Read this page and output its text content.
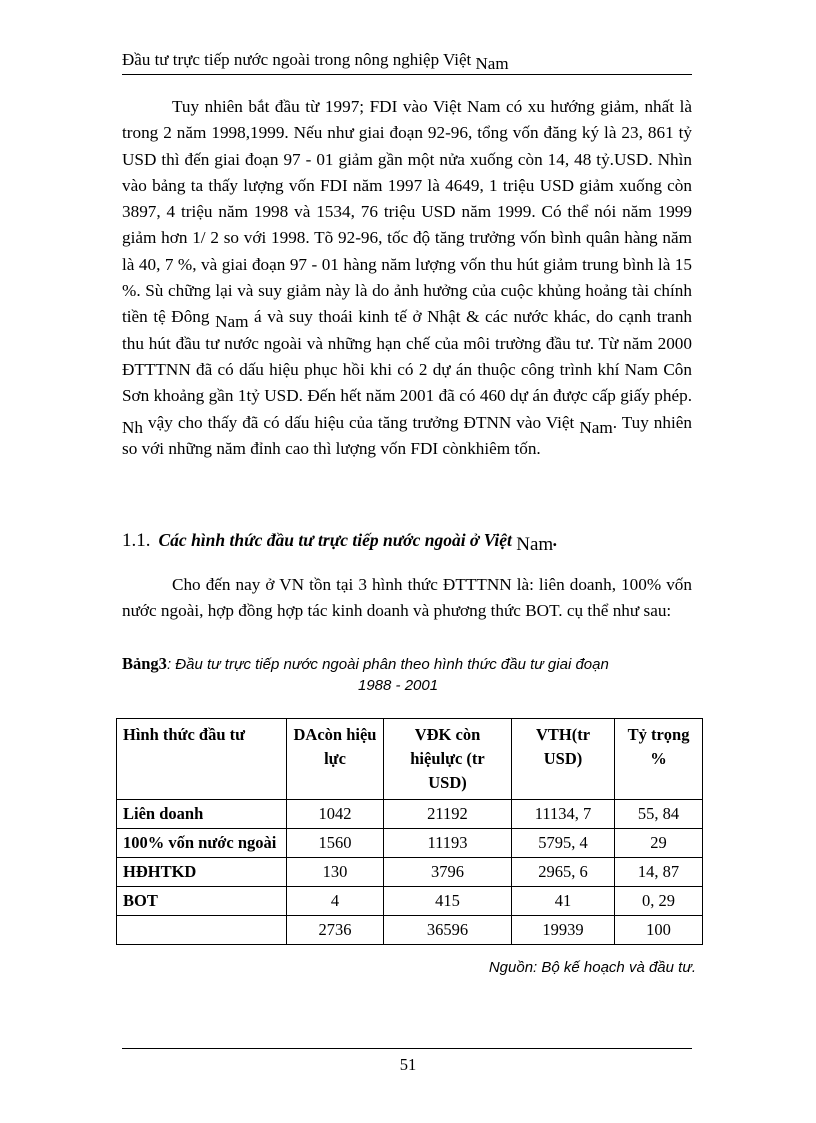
Đầu tư trực tiếp nước ngoài trong nông nghiệp Việt Nam
Tuy nhiên bắt đầu từ 1997; FDI vào Việt Nam có xu hướng giảm, nhất là trong 2 năm 1998,1999. Nếu như giai đoạn 92-96, tổng vốn đăng ký là 23, 861 tỷ USD thì đến giai đoạn 97 - 01 giảm gần một nửa xuống còn 14, 48 tỷ.USD. Nhìn vào bảng ta thấy lượng vốn FDI năm 1997 là 4649, 1 triệu USD giảm xuống còn 3897, 4 triệu năm 1998 và 1534, 76 triệu USD năm 1999. Có thể nói năm 1999 giảm hơn 1/ 2 so với 1998. Tõ 92-96, tốc độ tăng trưởng vốn bình quân hàng năm là 40, 7 %, và giai đoạn 97 - 01 hàng năm lượng vốn thu hút giảm trung bình là 15 %. Sù chững lại và suy giảm này là do ảnh hưởng của cuộc khủng hoảng tài chính tiền tệ Đông Nam á và suy thoái kinh tế ở Nhật & các nước khác, do cạnh tranh thu hút đầu tư nước ngoài và những hạn chế của môi trường đầu tư. Từ năm 2000 ĐTTTNN đã có dấu hiệu phục hồi khi có 2 dự án thuộc công trình khí Nam Côn Sơn khoảng gần 1tỷ USD. Đến hết năm 2001 đã có 460 dự án được cấp giấy phép. Nh vậy cho thấy đã có dấu hiệu của tăng trưởng ĐTNN vào Việt Nam. Tuy nhiên so với những năm đỉnh cao thì lượng vốn FDI cònkhiêm tốn.
1.1. Các hình thức đầu tư trực tiếp nước ngoài ở Việt Nam.
Cho đến nay ở VN tồn tại 3 hình thức ĐTTTNN là: liên doanh, 100% vốn nước ngoài, hợp đồng hợp tác kinh doanh và phương thức BOT. cụ thể như sau:
Bảng3: Đầu tư trực tiếp nước ngoài phân theo hình thức đầu tư giai đoạn
1988 - 2001
Hình thức đầu tư	DAcòn hiệu lực	VĐK còn hiệulực (tr USD)	VTH(tr USD)	Tỷ trọng %
Liên doanh	1042	21192	11134, 7	55, 84
100% vốn nước ngoài	1560	11193	5795, 4	29
HĐHTKD	130	3796	2965, 6	14, 87
BOT	4	415	41	0, 29
	2736	36596	19939	100
Nguồn: Bộ kế hoạch và đầu tư.
51
